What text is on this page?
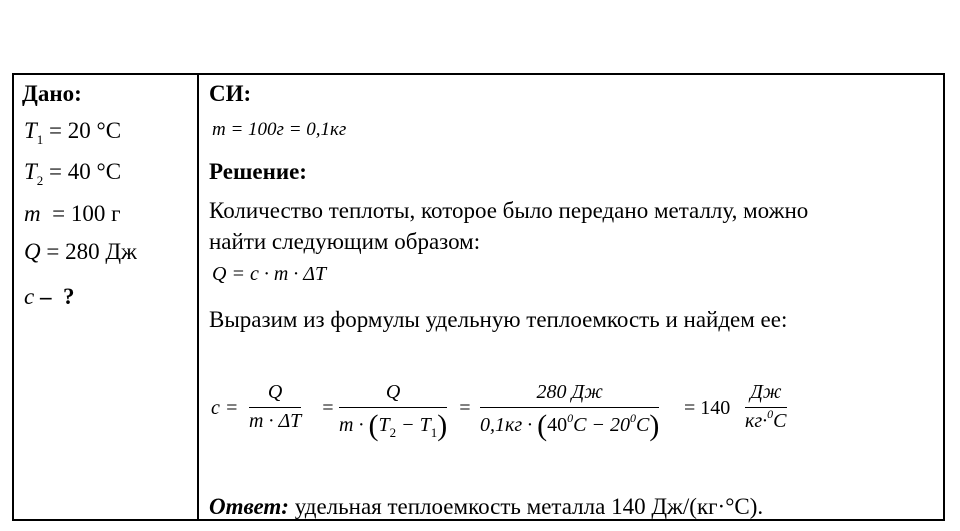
Дано:
$T_1 = 20$ °C
$T_2 = 40$ °C
m  = 100 г
Q = 280 Дж
c –  ?
СИ:
m = 100г = 0,1кг
Решение:
Количество теплоты, которое было передано металлу, можно
найти следующим образом:
Q = c · m · ΔT
Выразим из формулы удельную теплоемкость и найдем ее:
c =
Q
m · ΔT
=
Q
$m \cdot (T_2 - T_1)$
=
280 Дж
$0,1кг \cdot (40^0C - 20^0C)$
= 140
Дж
кг·$^0$C
Ответ: удельная теплоемкость металла 140 Дж/(кг·°С).
